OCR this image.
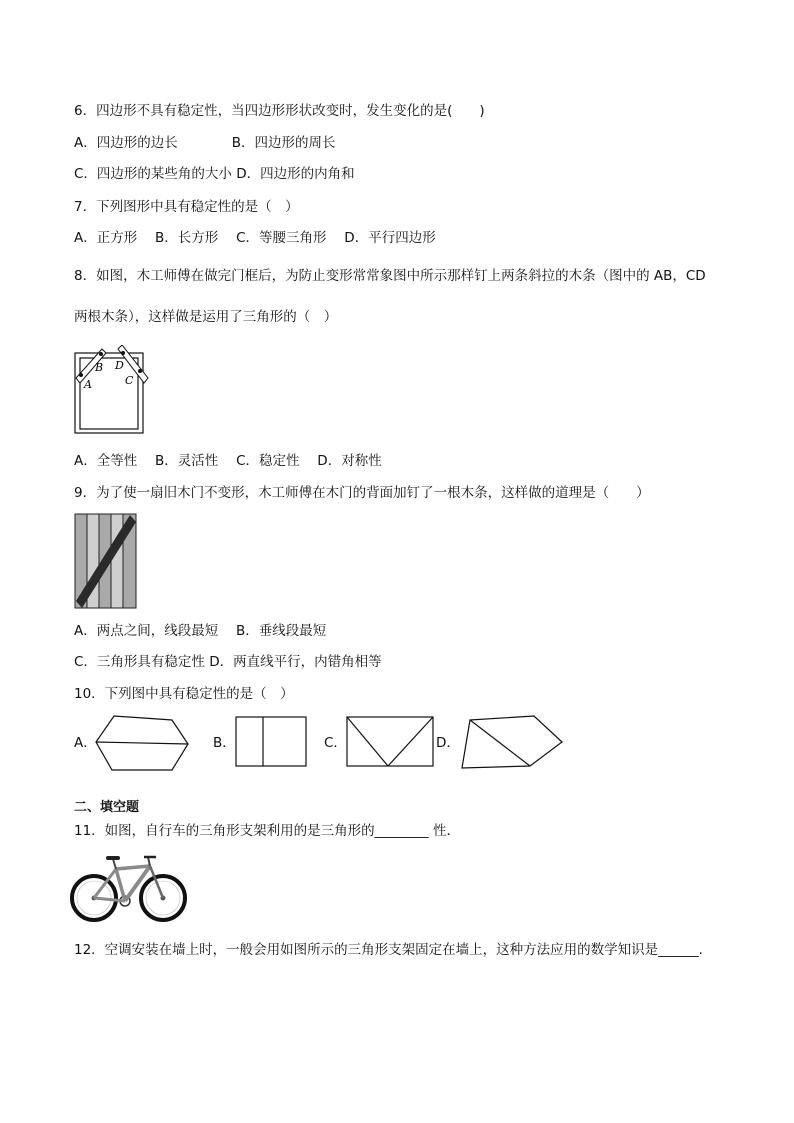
6．四边形不具有稳定性，当四边形形状改变时，发生变化的是(　　)
A．四边形的边长　　　　B．四边形的周长
C．四边形的某些角的大小 D．四边形的内角和
7．下列图形中具有稳定性的是（　）
A．正方形　 B．长方形　 C．等腰三角形　 D．平行四边形
8．如图，木工师傅在做完门框后，为防止变形常常象图中所示那样钉上两条斜拉的木条（图中的 AB，CD
两根木条），这样做是运用了三角形的（　）
A
B D
C
A．全等性　 B．灵活性　 C．稳定性　 D．对称性
9．为了使一扇旧木门不变形，木工师傅在木门的背面加钉了一根木条，这样做的道理是（　　）
A．两点之间，线段最短　 B．垂线段最短
C．三角形具有稳定性 D．两直线平行，内错角相等
10．下列图中具有稳定性的是（　）
A．	B．	C．	D．
二、填空题
11．如图，自行车的三角形支架利用的是三角形的________ 性．
12．空调安装在墙上时，一般会用如图所示的三角形支架固定在墙上，这种方法应用的数学知识是______.
